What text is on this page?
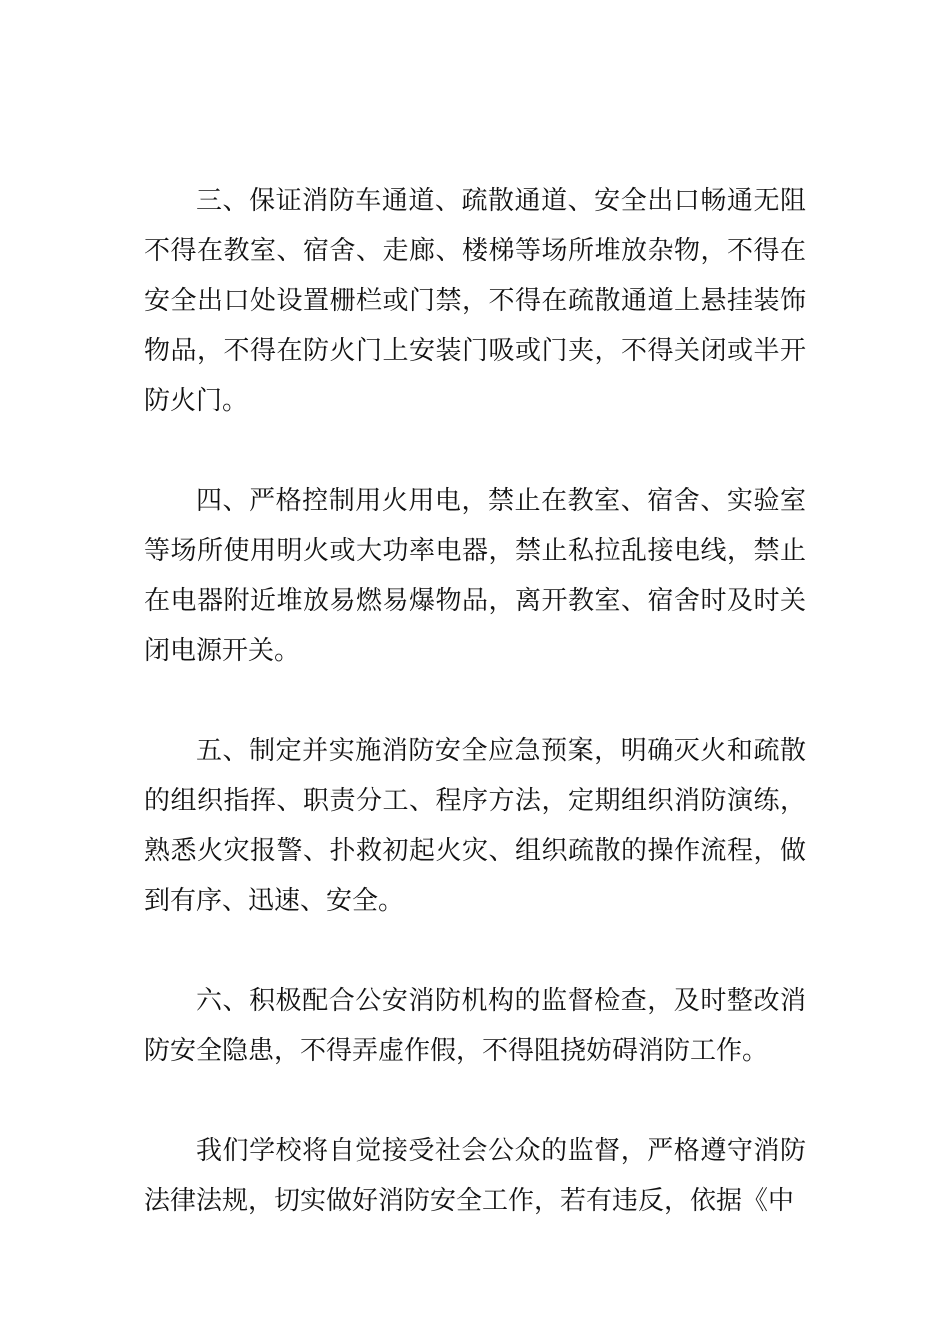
三、保证消防车通道、疏散通道、安全出口畅通无阻不得在教室、宿舍、走廊、楼梯等场所堆放杂物，不得在安全出口处设置栅栏或门禁，不得在疏散通道上悬挂装饰物品，不得在防火门上安装门吸或门夹，不得关闭或半开防火门。

四、严格控制用火用电，禁止在教室、宿舍、实验室等场所使用明火或大功率电器，禁止私拉乱接电线，禁止在电器附近堆放易燃易爆物品，离开教室、宿舍时及时关闭电源开关。

五、制定并实施消防安全应急预案，明确灭火和疏散的组织指挥、职责分工、程序方法，定期组织消防演练，熟悉火灾报警、扑救初起火灾、组织疏散的操作流程，做到有序、迅速、安全。

六、积极配合公安消防机构的监督检查，及时整改消防安全隐患，不得弄虚作假，不得阻挠妨碍消防工作。

我们学校将自觉接受社会公众的监督，严格遵守消防法律法规，切实做好消防安全工作，若有违反，依据《中
